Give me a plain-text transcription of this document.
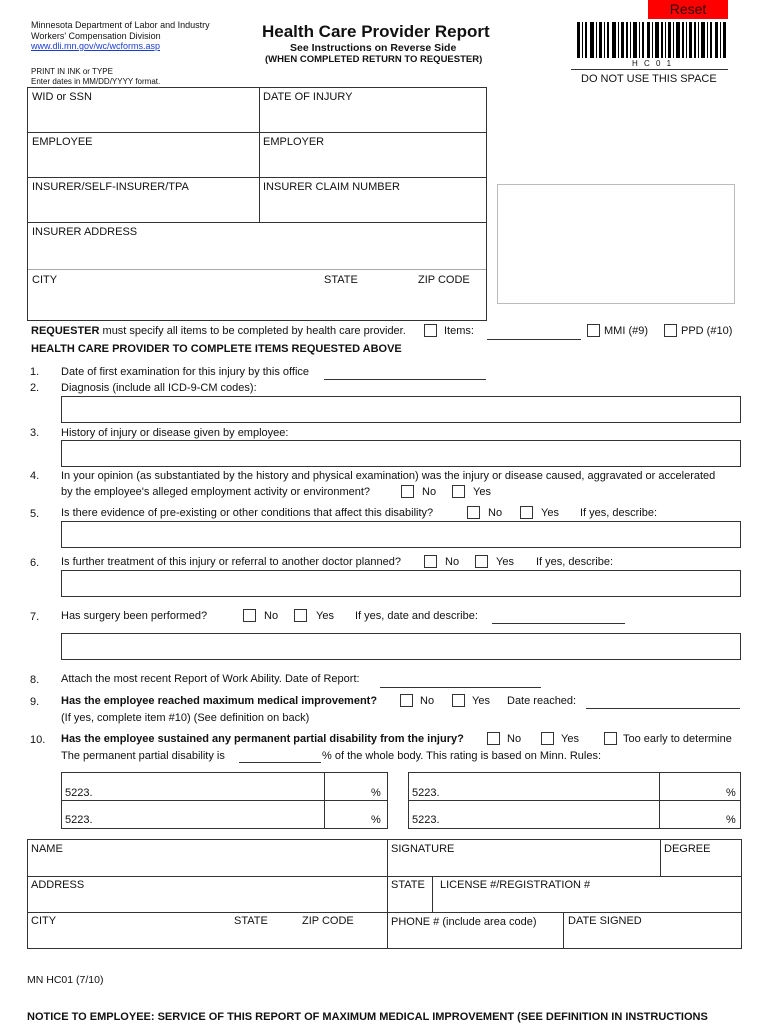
Minnesota Department of Labor and Industry
Workers' Compensation Division
www.dli.mn.gov/wc/wcforms.asp
Health Care Provider Report
See Instructions on Reverse Side
(WHEN COMPLETED RETURN TO REQUESTER)
Reset
H C 0 1
DO NOT USE THIS SPACE
PRINT IN INK or TYPE
Enter dates in MM/DD/YYYY format.
WID or SSN	DATE OF INJURY
EMPLOYEE	EMPLOYER
INSURER/SELF-INSURER/TPA	INSURER CLAIM NUMBER
INSURER ADDRESS
CITY	STATE	ZIP CODE
REQUESTER must specify all items to be completed by health care provider.	Items:	MMI (#9)	PPD (#10)
HEALTH CARE PROVIDER TO COMPLETE ITEMS REQUESTED ABOVE
1. Date of first examination for this injury by this office
2. Diagnosis (include all ICD-9-CM codes):
3. History of injury or disease given by employee:
4. In your opinion (as substantiated by the history and physical examination) was the injury or disease caused, aggravated or accelerated
by the employee's alleged employment activity or environment?	No	Yes
5. Is there evidence of pre-existing or other conditions that affect this disability?	No	Yes If yes, describe:
6. Is further treatment of this injury or referral to another doctor planned?	No	Yes If yes, describe:
7. Has surgery been performed?	No	Yes If yes, date and describe:
8. Attach the most recent Report of Work Ability. Date of Report:
9. Has the employee reached maximum medical improvement?	No	Yes Date reached:
(If yes, complete item #10) (See definition on back)
10. Has the employee sustained any permanent partial disability from the injury?	No	Yes	Too early to determine
The permanent partial disability is	% of the whole body. This rating is based on Minn. Rules:
5223.	%
5223.	%
5223.	%
5223.	%
NAME	SIGNATURE	DEGREE
ADDRESS	STATE LICENSE #/REGISTRATION #
CITY	STATE	ZIP CODE	PHONE # (include area code)	DATE SIGNED
MN HC01 (7/10)
NOTICE TO EMPLOYEE: SERVICE OF THIS REPORT OF MAXIMUM MEDICAL IMPROVEMENT (SEE DEFINITION IN INSTRUCTIONS
